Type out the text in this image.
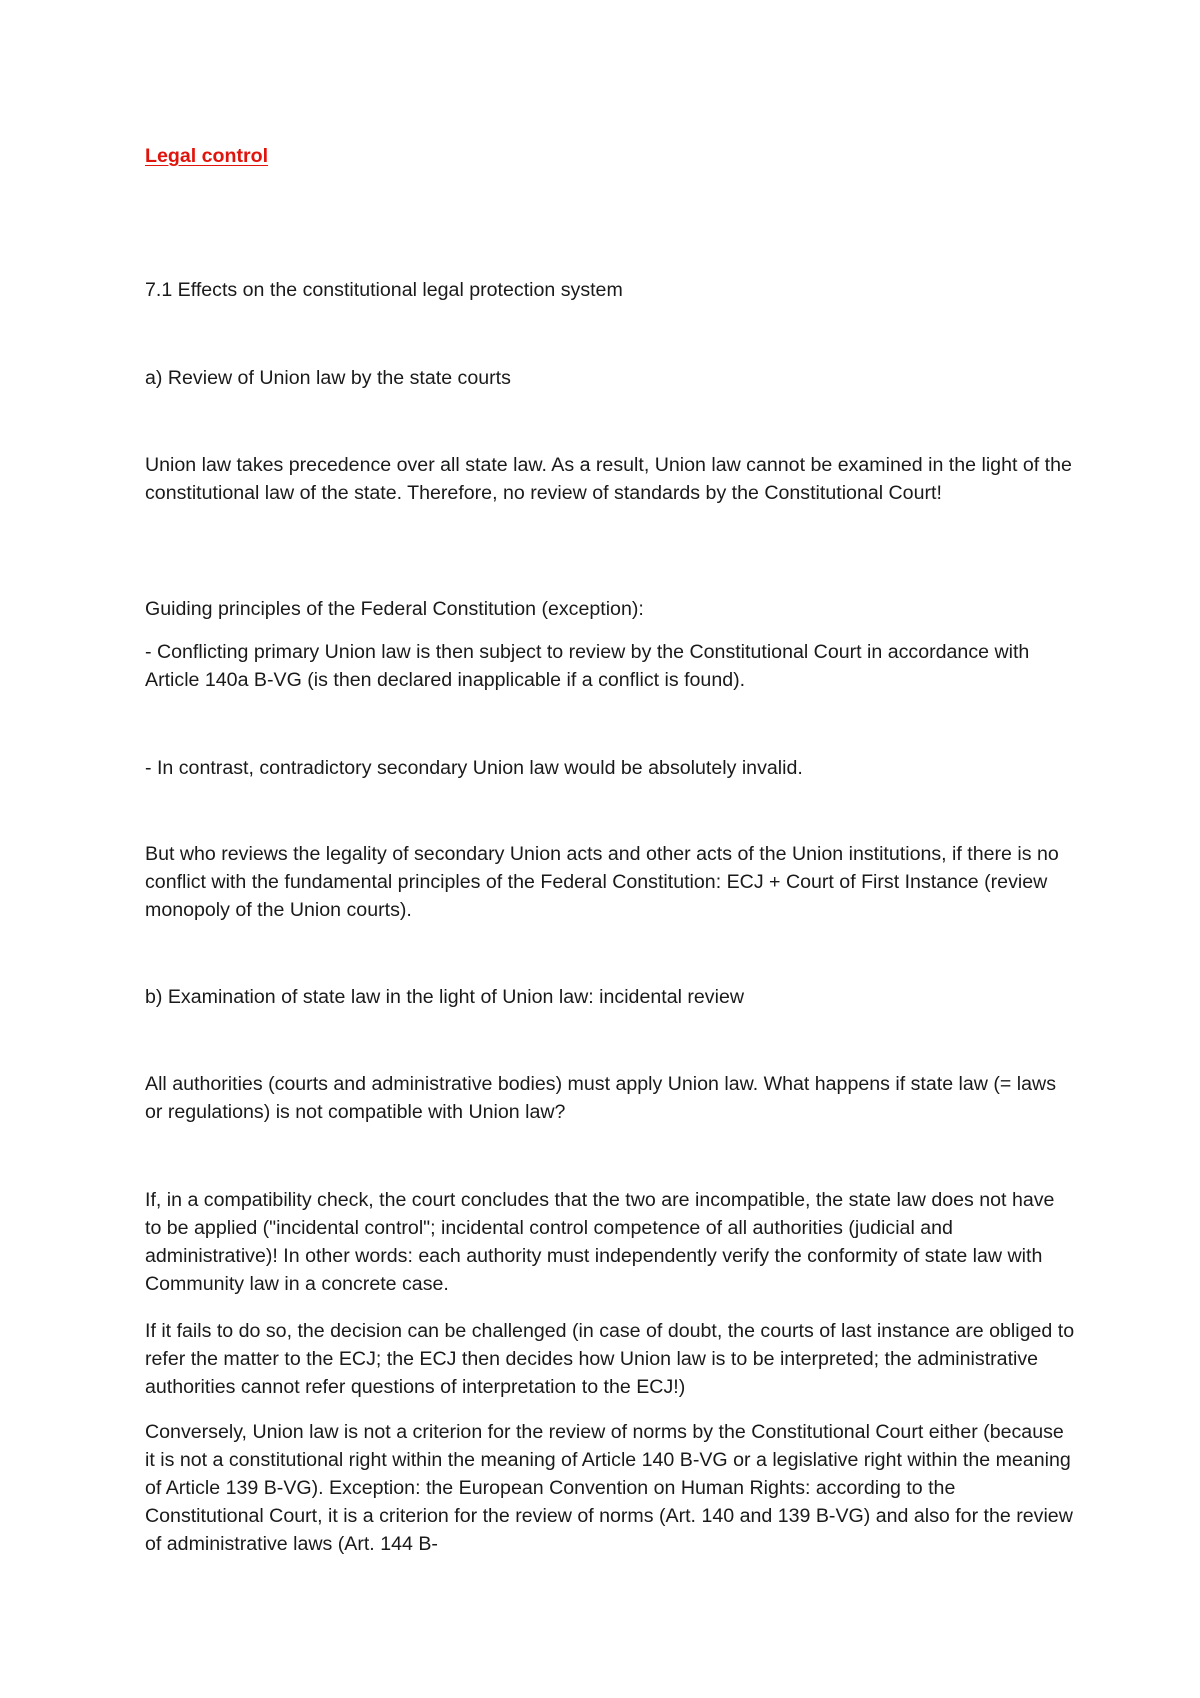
Legal control

7.1 Effects on the constitutional legal protection system

a) Review of Union law by the state courts

Union law takes precedence over all state law. As a result, Union law cannot be examined in the light of the constitutional law of the state. Therefore, no review of standards by the Constitutional Court!

Guiding principles of the Federal Constitution (exception):

- Conflicting primary Union law is then subject to review by the Constitutional Court in accordance with Article 140a B-VG (is then declared inapplicable if a conflict is found).

- In contrast, contradictory secondary Union law would be absolutely invalid.

But who reviews the legality of secondary Union acts and other acts of the Union institutions, if there is no conflict with the fundamental principles of the Federal Constitution: ECJ + Court of First Instance (review monopoly of the Union courts).

b) Examination of state law in the light of Union law: incidental review

All authorities (courts and administrative bodies) must apply Union law. What happens if state law (= laws or regulations) is not compatible with Union law?

If, in a compatibility check, the court concludes that the two are incompatible, the state law does not have to be applied ("incidental control"; incidental control competence of all authorities (judicial and administrative)! In other words: each authority must independently verify the conformity of state law with Community law in a concrete case.

If it fails to do so, the decision can be challenged (in case of doubt, the courts of last instance are obliged to refer the matter to the ECJ; the ECJ then decides how Union law is to be interpreted; the administrative authorities cannot refer questions of interpretation to the ECJ!)

Conversely, Union law is not a criterion for the review of norms by the Constitutional Court either (because it is not a constitutional right within the meaning of Article 140 B-VG or a legislative right within the meaning of Article 139 B-VG). Exception: the European Convention on Human Rights: according to the Constitutional Court, it is a criterion for the review of norms (Art. 140 and 139 B-VG) and also for the review of administrative laws (Art. 144 B-
